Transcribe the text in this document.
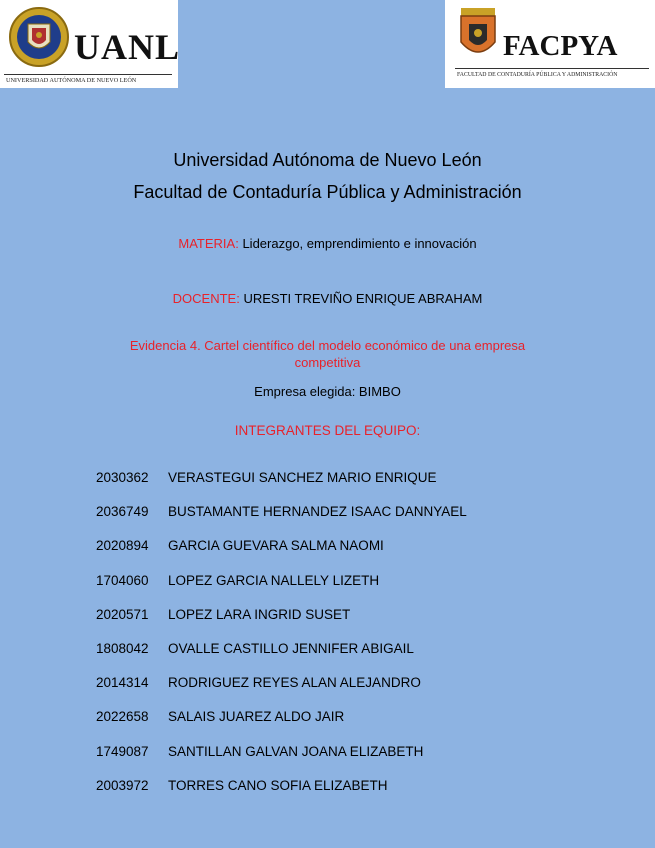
UANL
UNIVERSIDAD AUTÓNOMA DE NUEVO LEÓN
FACPYA
FACULTAD DE CONTADURÍA PÚBLICA Y ADMINISTRACIÓN
Universidad Autónoma de Nuevo León
Facultad de Contaduría Pública y Administración
MATERIA: Liderazgo, emprendimiento e innovación
DOCENTE: URESTI TREVIÑO ENRIQUE ABRAHAM
Evidencia 4. Cartel científico del modelo económico de una empresa
competitiva
Empresa elegida: BIMBO
INTEGRANTES DEL EQUIPO:
2030362 VERASTEGUI SANCHEZ MARIO ENRIQUE
2036749 BUSTAMANTE HERNANDEZ ISAAC DANNYAEL
2020894 GARCIA GUEVARA SALMA NAOMI
1704060 LOPEZ GARCIA NALLELY LIZETH
2020571 LOPEZ LARA INGRID SUSET
1808042 OVALLE CASTILLO JENNIFER ABIGAIL
2014314 RODRIGUEZ REYES ALAN ALEJANDRO
2022658 SALAIS JUAREZ ALDO JAIR
1749087 SANTILLAN GALVAN JOANA ELIZABETH
2003972 TORRES CANO SOFIA ELIZABETH
